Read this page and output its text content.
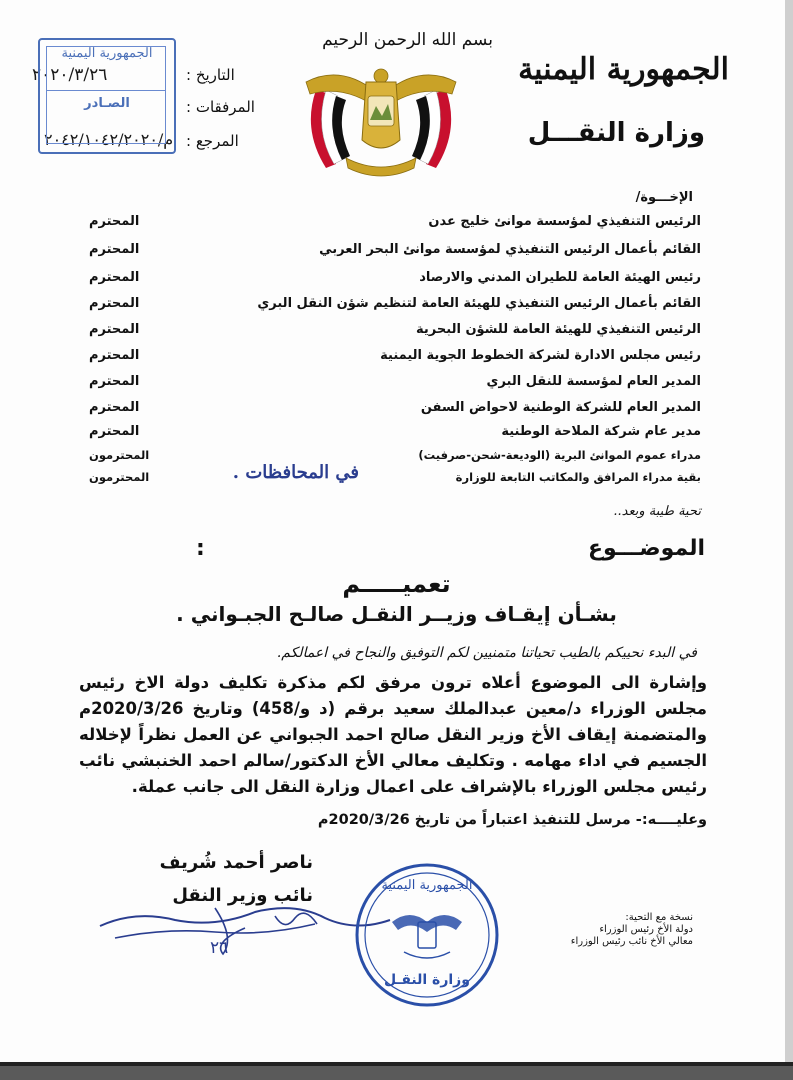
الجمهورية اليمنية
وزارة النقـــل
بسم الله الرحمن الرحيم
التاريخ :
المرفقات :
المرجع :
٢٠٢٠/٣/٢٦
م/٢٠٤٢/١٠٤٢/٢٠٢٠
الجمهورية اليمنية
الصـادر
الإخـــوة/
الرئيس التنفيذي لمؤسسة موانئ خليج عدن
المحترم
القائم بأعمال الرئيس التنفيذي لمؤسسة موانئ البحر العربي
المحترم
رئيس الهيئة العامة للطيران المدني والارصاد
المحترم
القائم بأعمال الرئيس التنفيذي للهيئة العامة لتنظيم شؤن النقل البري
المحترم
الرئيس التنفيذي للهيئة العامة للشؤن البحرية
المحترم
رئيس مجلس الادارة لشركة الخطوط الجوية اليمنية
المحترم
المدير العام لمؤسسة للنقل البري
المحترم
المدير العام للشركة الوطنية لاحواض السفن
المحترم
مدير عام شركة الملاحة الوطنية
المحترم
مدراء عموم الموانئ البرية (الوديعة-شحن-صرفيت)
المحترمون
بقية مدراء المرافق والمكاتب التابعة للوزارة
في المحافظات .
المحترمون
تحية طيبة وبعد..
الموضـــوع
:
تعميـــــم
بشـأن إيقـاف وزيــر النقـل صالـح الجبـواني .
في البدء نحييكم بالطيب تحياتنا متمنيين لكم التوفيق والنجاح في اعمالكم.
وإشارة الى الموضوع أعلاه ترون مرفق لكم مذكرة تكليف دولة الاخ رئيس مجلس الوزراء د/معين عبدالملك سعيد برقم (د و/458) وتاريخ 2020/3/26م والمتضمنة إيقاف الأخ وزير النقل صالح احمد الجبواني عن العمل نظراً لإخلاله الجسيم في اداء مهامه . وتكليف معالي الأخ الدكتور/سالم احمد الخنبشي نائب رئيس مجلس الوزراء بالإشراف على اعمال وزارة النقل الى جانب عملة.
وعليــــه:- مرسل للتنفيذ اعتباراً من تاريخ 2020/3/26م
ناصر أحمد شُريف
نائب وزير النقل
٢٦
الجمهورية اليمنية
وزارة النقـل
نسخة مع التحية:
دولة الأخ رئيس الوزراء
معالي الأخ نائب رئيس الوزراء
